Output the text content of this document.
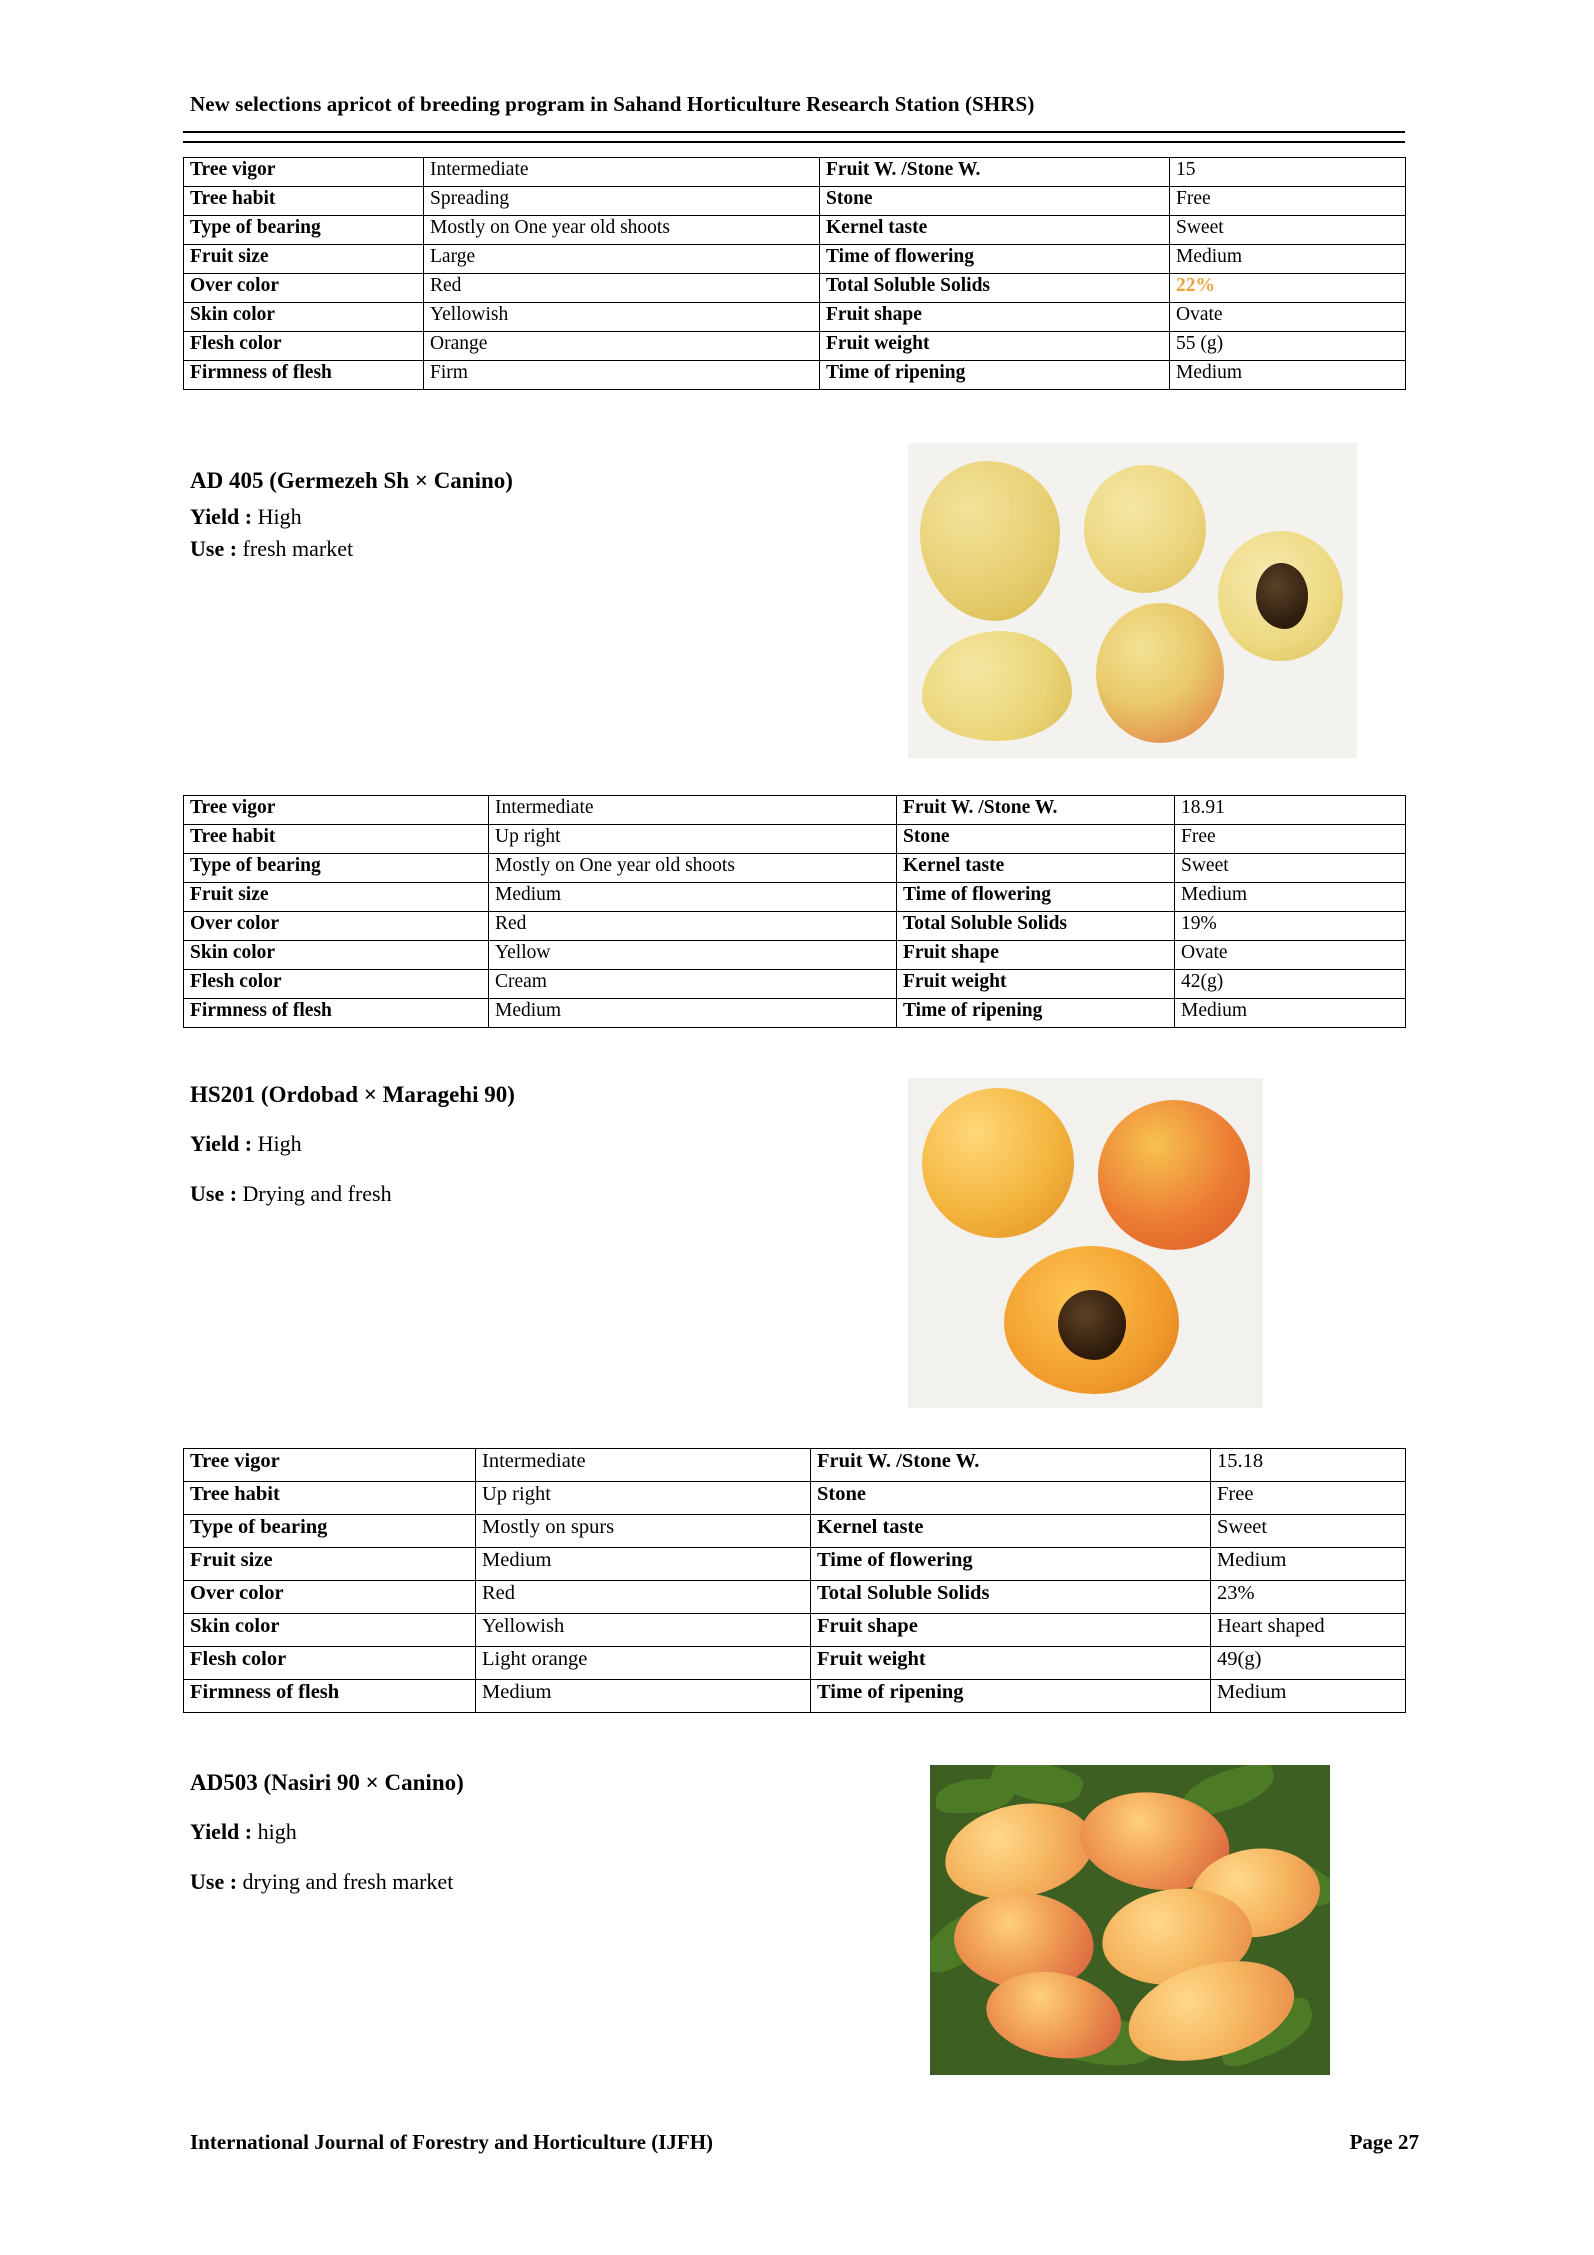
New selections apricot of breeding program in Sahand Horticulture Research Station (SHRS)
Tree vigor	Intermediate	Fruit W. /Stone W.	15
Tree habit	Spreading	Stone	Free
Type of bearing	Mostly on One year old shoots	Kernel taste	Sweet
Fruit size	Large	Time of flowering	Medium
Over color	Red	Total Soluble Solids	22%
Skin color	Yellowish	Fruit shape	Ovate
Flesh color	Orange	Fruit weight	55 (g)
Firmness of flesh	Firm	Time of ripening	Medium
AD 405 (Germezeh Sh × Canino)
Yield : High
Use : fresh market
Tree vigor	Intermediate	Fruit W. /Stone W.	18.91
Tree habit	Up right	Stone	Free
Type of bearing	Mostly on One year old shoots	Kernel taste	Sweet
Fruit size	Medium	Time of flowering	Medium
Over color	Red	Total Soluble Solids	19%
Skin color	Yellow	Fruit shape	Ovate
Flesh color	Cream	Fruit weight	42(g)
Firmness of flesh	Medium	Time of ripening	Medium
HS201 (Ordobad × Maragehi 90)
Yield : High
Use : Drying and fresh
Tree vigor	Intermediate	Fruit W. /Stone W.	15.18
Tree habit	Up right	Stone	Free
Type of bearing	Mostly on spurs	Kernel taste	Sweet
Fruit size	Medium	Time of flowering	Medium
Over color	Red	Total Soluble Solids	23%
Skin color	Yellowish	Fruit shape	Heart shaped
Flesh color	Light orange	Fruit weight	49(g)
Firmness of flesh	Medium	Time of ripening	Medium
AD503 (Nasiri 90 × Canino)
Yield : high
Use : drying and fresh market
International Journal of Forestry and Horticulture (IJFH)	Page 27
